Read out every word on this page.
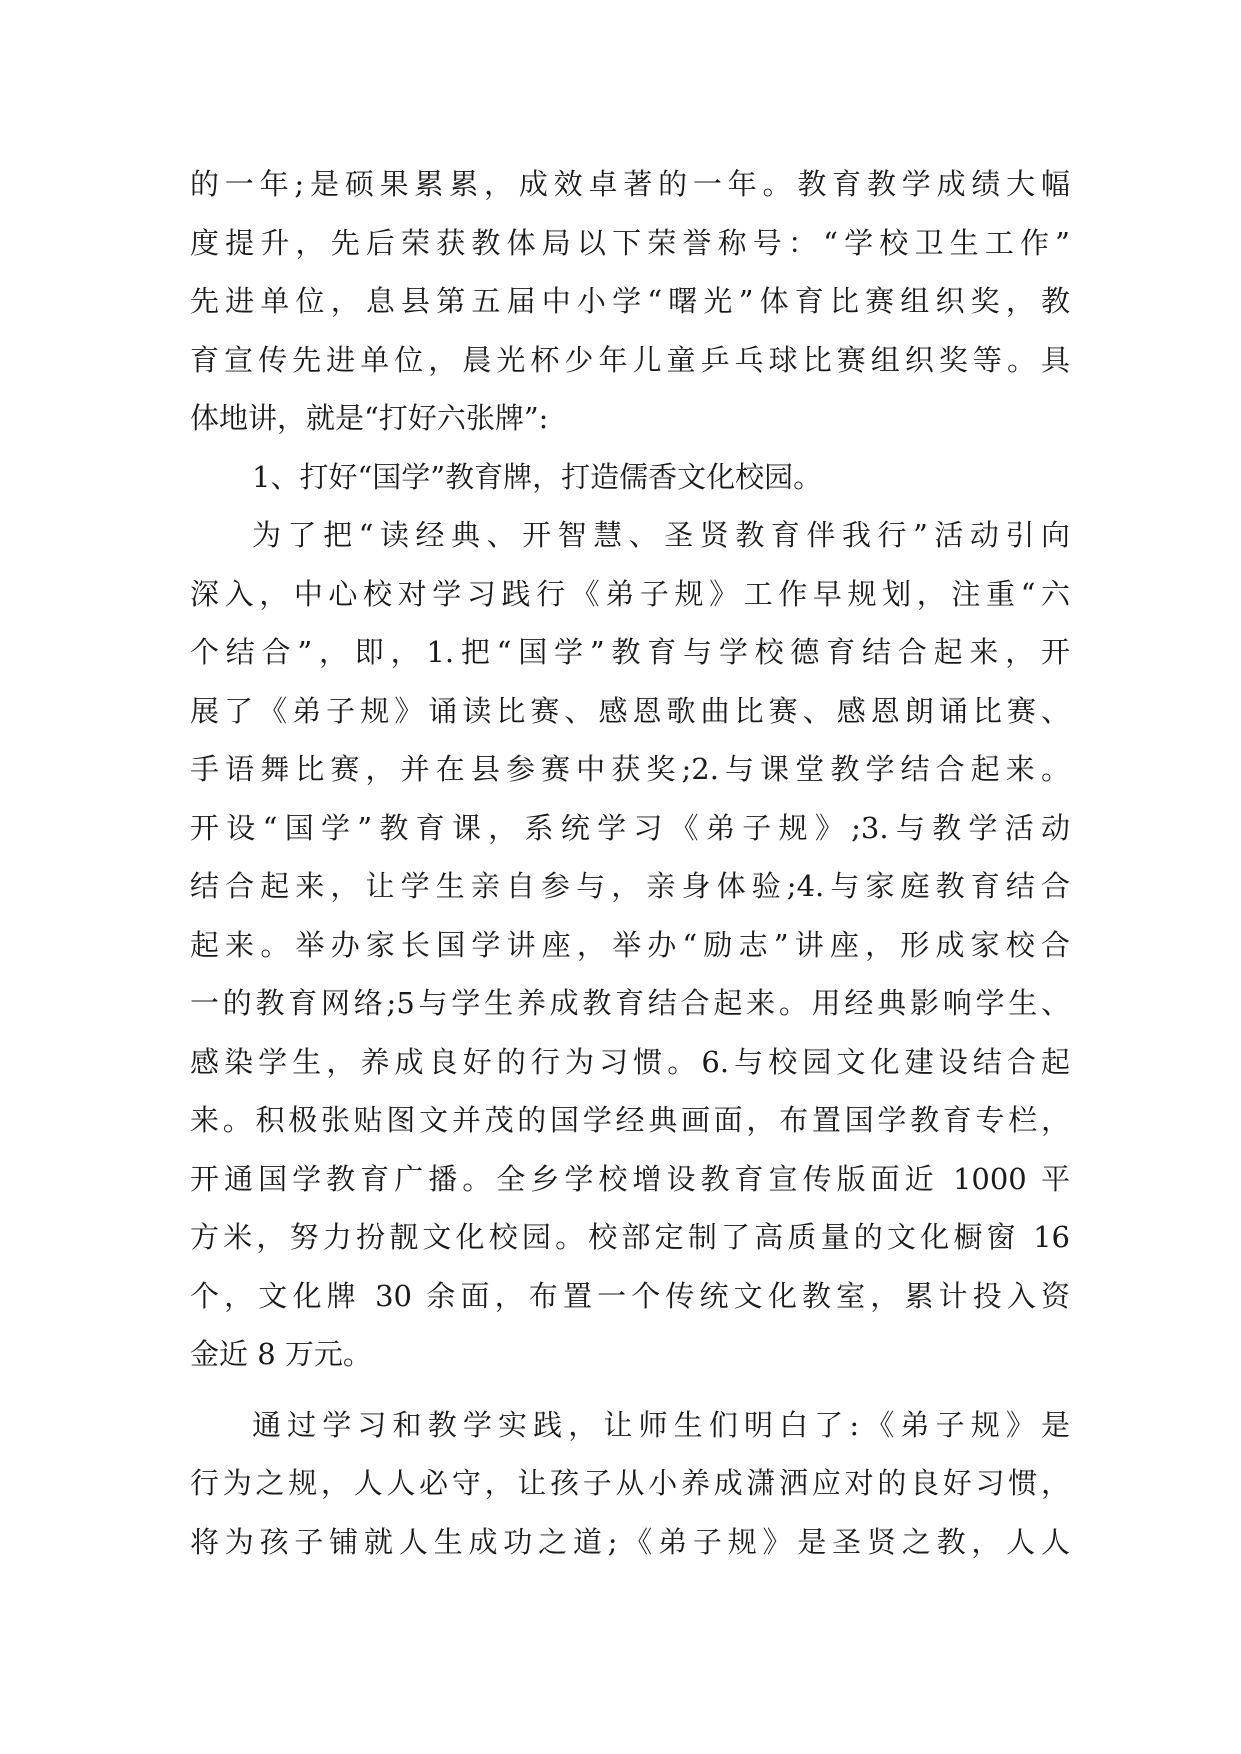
的一年;是硕果累累，成效卓著的一年。教育教学成绩大幅
度提升，先后荣获教体局以下荣誉称号：“学校卫生工作”
先进单位，息县第五届中小学“曙光”体育比赛组织奖，教
育宣传先进单位，晨光杯少年儿童乒乓球比赛组织奖等。具
体地讲，就是“打好六张牌”:
1、打好“国学”教育牌，打造儒香文化校园。
为了把“读经典、开智慧、圣贤教育伴我行”活动引向
深入，中心校对学习践行《弟子规》工作早规划，注重“六
个结合”，即，1.把“国学”教育与学校德育结合起来，开
展了《弟子规》诵读比赛、感恩歌曲比赛、感恩朗诵比赛、
手语舞比赛，并在县参赛中获奖;2.与课堂教学结合起来。
开设“国学”教育课，系统学习《弟子规》;3.与教学活动
结合起来，让学生亲自参与，亲身体验;4.与家庭教育结合
起来。举办家长国学讲座，举办“励志”讲座，形成家校合
一的教育网络;5与学生养成教育结合起来。用经典影响学生、
感染学生，养成良好的行为习惯。6.与校园文化建设结合起
来。积极张贴图文并茂的国学经典画面，布置国学教育专栏，
开通国学教育广播。全乡学校增设教育宣传版面近 1000 平
方米，努力扮靓文化校园。校部定制了高质量的文化橱窗 16
个，文化牌 30 余面，布置一个传统文化教室，累计投入资
金近 8 万元。
通过学习和教学实践，让师生们明白了:《弟子规》是
行为之规，人人必守，让孩子从小养成潇洒应对的良好习惯，
将为孩子铺就人生成功之道;《弟子规》是圣贤之教，人人
